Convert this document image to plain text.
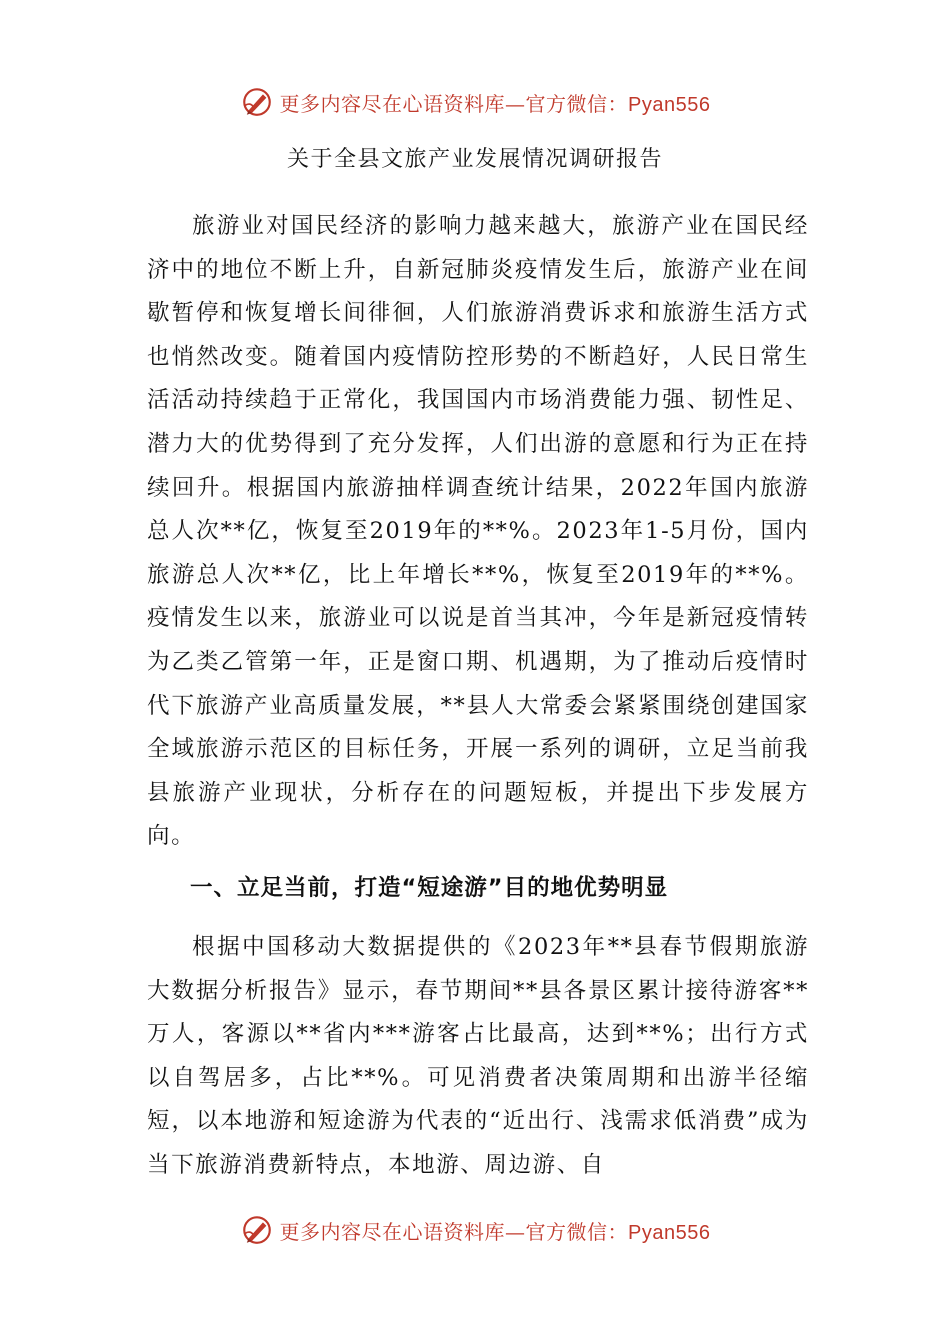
更多内容尽在心语资料库—官方微信：Pyan556
关于全县文旅产业发展情况调研报告

旅游业对国民经济的影响力越来越大，旅游产业在国民经济中的地位不断上升，自新冠肺炎疫情发生后，旅游产业在间歇暂停和恢复增长间徘徊，人们旅游消费诉求和旅游生活方式也悄然改变。随着国内疫情防控形势的不断趋好，人民日常生活活动持续趋于正常化，我国国内市场消费能力强、韧性足、潜力大的优势得到了充分发挥，人们出游的意愿和行为正在持续回升。根据国内旅游抽样调查统计结果，2022年国内旅游总人次**亿，恢复至2019年的**%。2023年1-5月份，国内旅游总人次**亿，比上年增长**%，恢复至2019年的**%。疫情发生以来，旅游业可以说是首当其冲，今年是新冠疫情转为乙类乙管第一年，正是窗口期、机遇期，为了推动后疫情时代下旅游产业高质量发展，**县人大常委会紧紧围绕创建国家全域旅游示范区的目标任务，开展一系列的调研，立足当前我县旅游产业现状，分析存在的问题短板，并提出下步发展方向。

一、立足当前，打造“短途游”目的地优势明显

根据中国移动大数据提供的《2023年**县春节假期旅游大数据分析报告》显示，春节期间**县各景区累计接待游客**万人，客源以**省内***游客占比最高，达到**%；出行方式以自驾居多，占比**%。可见消费者决策周期和出游半径缩短，以本地游和短途游为代表的“近出行、浅需求低消费”成为当下旅游消费新特点，本地游、周边游、自

更多内容尽在心语资料库—官方微信：Pyan556
